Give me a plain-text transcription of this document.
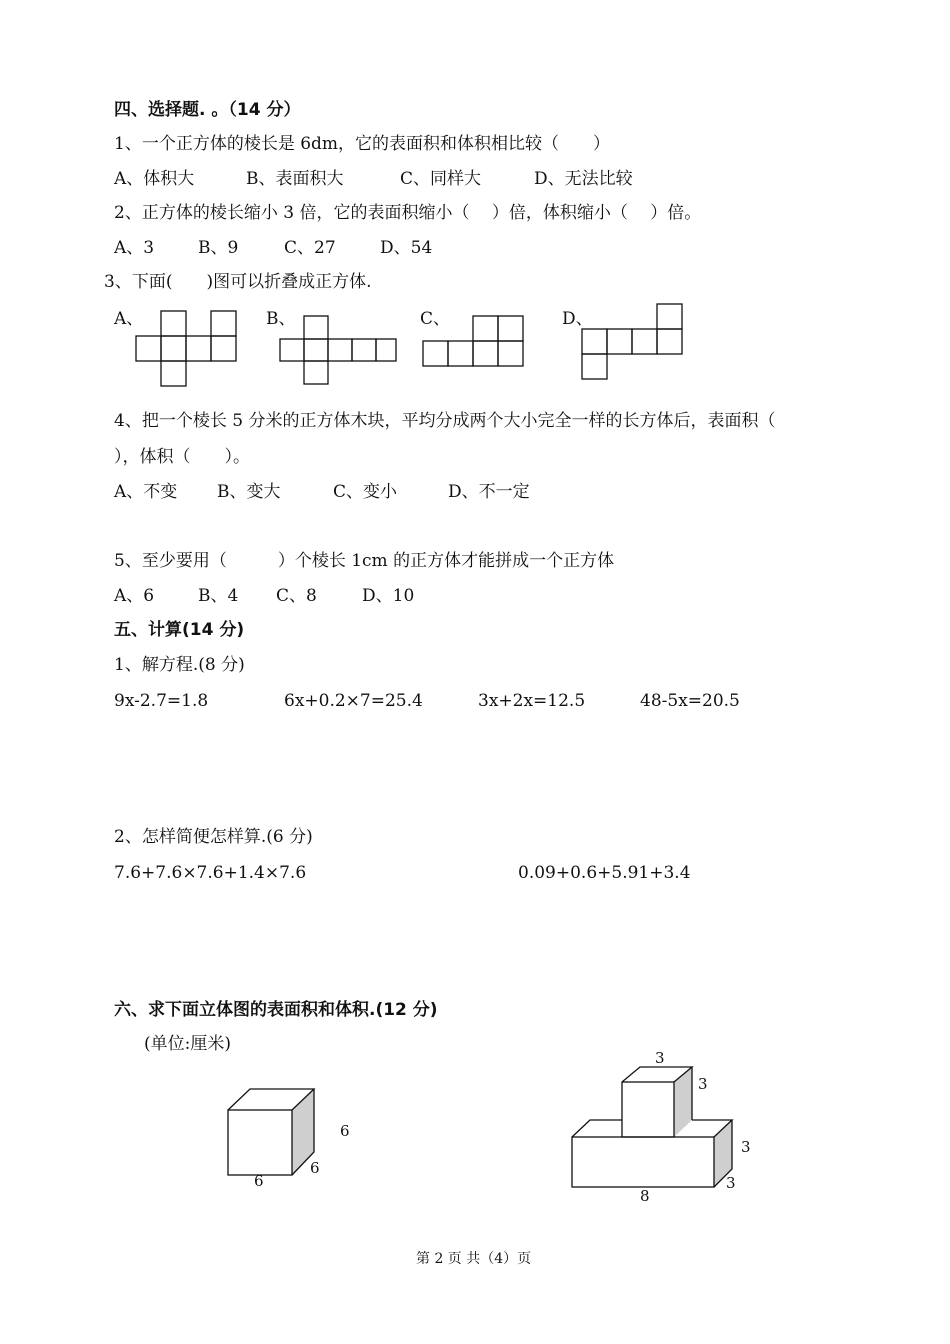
四、选择题. 。（14 分）
1、一个正方体的棱长是 6dm，它的表面积和体积相比较（　　）
A、体积大	B、表面积大	C、同样大	D、无法比较
2、正方体的棱长缩小 3 倍，它的表面积缩小（　 ）倍，体积缩小（　 ）倍。
A、3	B、9	C、27	D、54
3、下面(　　)图可以折叠成正方体.
A、	B、	C、	D、
4、把一个棱长 5 分米的正方体木块，平均分成两个大小完全一样的长方体后，表面积（
），体积（　　）。
A、不变 B、变大	C、变小	D、不一定
5、至少要用（　　　）个棱长 1cm 的正方体才能拼成一个正方体
A、6	B、4 C、8	D、10
五、计算(14 分)
1、解方程.(8 分)
9x-2.7=1.8	6x+0.2×7=25.4	3x+2x=12.5	48-5x=20.5
2、怎样简便怎样算.(6 分)
7.6+7.6×7.6+1.4×7.6	0.09+0.6+5.91+3.4
六、求下面立体图的表面积和体积.(12 分)
(单位:厘米)
6
6
6
3
3
3
3
8
第 2 页 共（4）页
